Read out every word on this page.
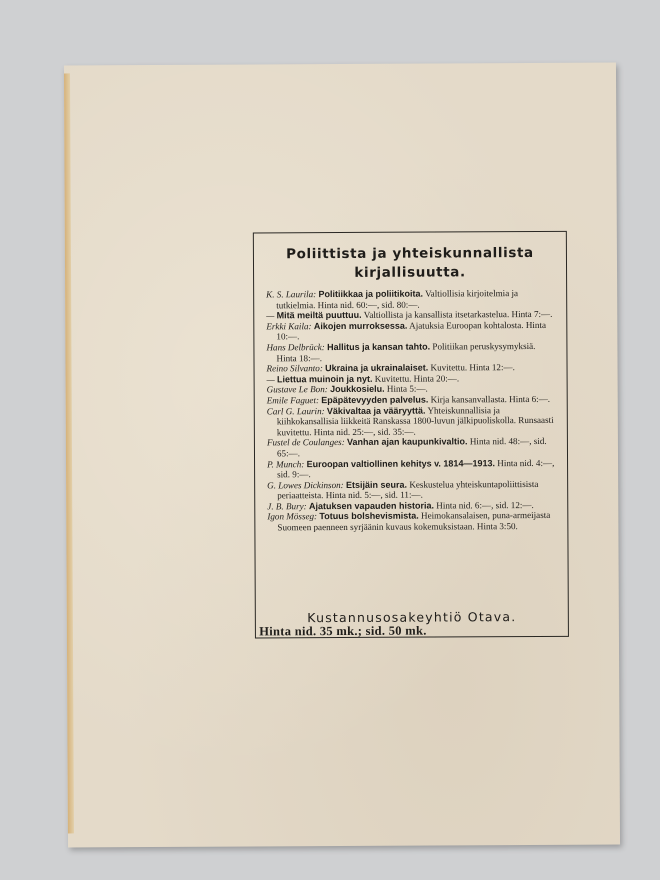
Poliittista ja yhteiskunnallista
kirjallisuutta.

K. S. Laurila: Politiikkaa ja poliitikoita. Valtiollisia kirjoitelmia ja tutkielmia. Hinta nid. 60:—, sid. 80:—.

— Mitä meiltä puuttuu. Valtiollista ja kansallista itsetarkastelua. Hinta 7:—.

Erkki Kaila: Aikojen murroksessa. Ajatuksia Euroopan kohtalosta. Hinta 10:—.

Hans Delbrück: Hallitus ja kansan tahto. Politiikan peruskysymyksiä. Hinta 18:—.

Reino Silvanto: Ukraina ja ukrainalaiset. Kuvitettu. Hinta 12:—.

— Liettua muinoin ja nyt. Kuvitettu. Hinta 20:—.

Gustave Le Bon: Joukkosielu. Hinta 5:—.

Emile Faguet: Epäpätevyyden palvelus. Kirja kansanvallasta. Hinta 6:—.

Carl G. Laurin: Väkivaltaa ja vääryyttä. Yhteiskunnallisia ja kiihkokansallisia liikkeitä Ranskassa 1800-luvun jälkipuoliskolla. Runsaasti kuvitettu. Hinta nid. 25:—, sid. 35:—.

Fustel de Coulanges: Vanhan ajan kaupunkivaltio. Hinta nid. 48:—, sid. 65:—.

P. Munch: Euroopan valtiollinen kehitys v. 1814—1913. Hinta nid. 4:—, sid. 9:—.

G. Lowes Dickinson: Etsijäin seura. Keskustelua yhteiskuntapoliittisista periaatteista. Hinta nid. 5:—, sid. 11:—.

J. B. Bury: Ajatuksen vapauden historia. Hinta nid. 6:—, sid. 12:—.

Igon Mösseg: Totuus bolshevismista. Heimokansalaisen, puna-armeijasta Suomeen paenneen syrjäänin kuvaus kokemuksistaan. Hinta 3:50.

Kustannusosakeyhtiö Otava.
Hinta nid. 35 mk.; sid. 50 mk.
